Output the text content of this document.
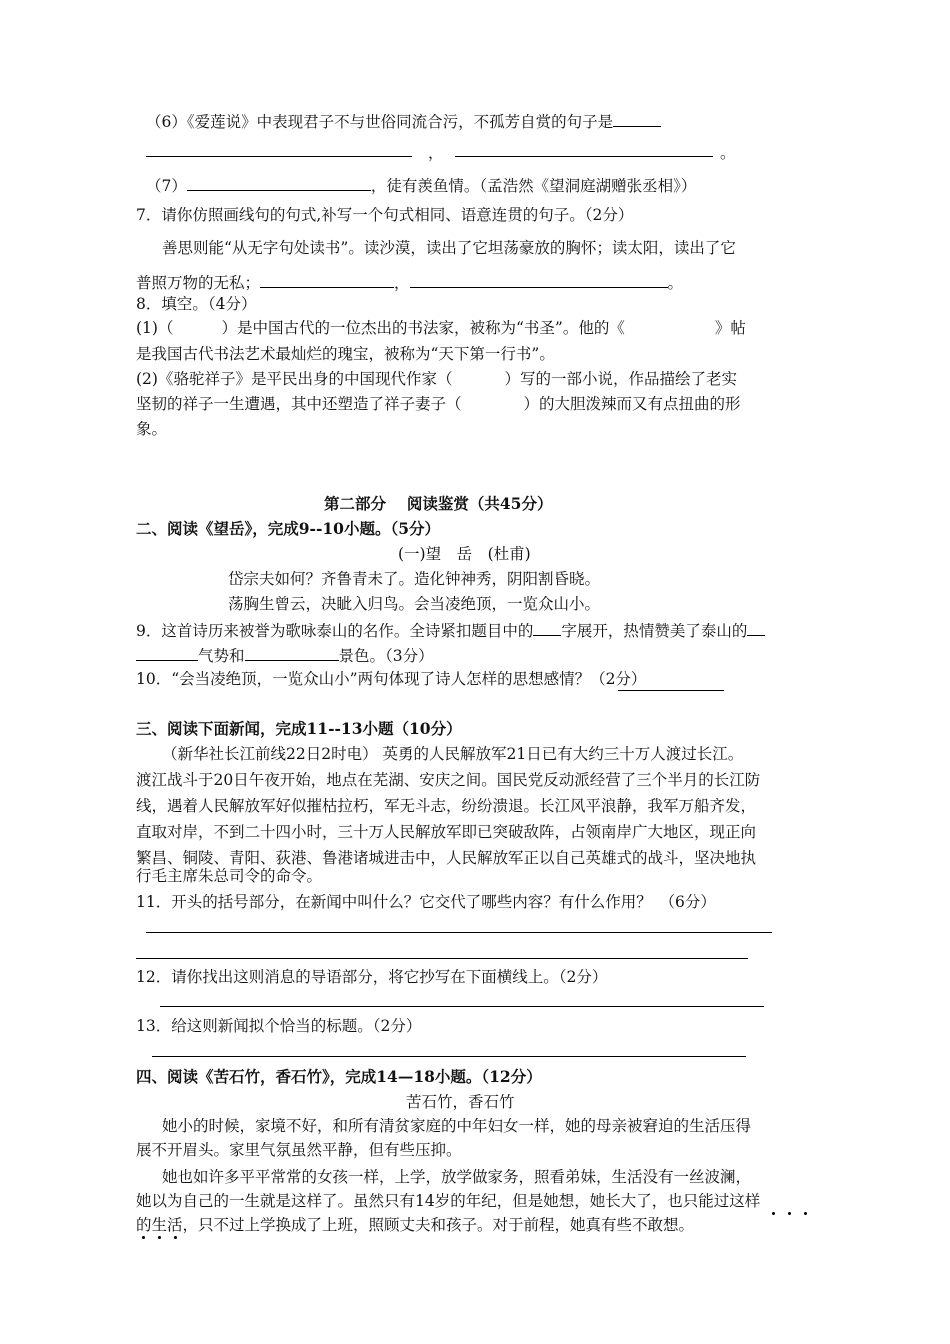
（6）《爱莲说》中表现君子不与世俗同流合污，不孤芳自赏的句子是
，	。
（7）	，徒有羡鱼情。（孟浩然《望洞庭湖赠张丞相》）
7．请你仿照画线句的句式,补写一个句式相同、语意连贯的句子。（2分）
善思则能“从无字句处读书”。读沙漠，读出了它坦荡豪放的胸怀；读太阳，读出了它
普照万物的无私；	，	。
8．填空。（4分）
(1)（	）是中国古代的一位杰出的书法家，被称为“书圣”。他的《	》帖
是我国古代书法艺术最灿烂的瑰宝，被称为“天下第一行书”。
(2)《骆驼祥子》是平民出身的中国现代作家（	）写的一部小说，作品描绘了老实
坚韧的祥子一生遭遇，其中还塑造了祥子妻子（	）的大胆泼辣而又有点扭曲的形
象。
第二部分　 阅读鉴赏（共45分）
二、阅读《望岳》，完成9--10小题。（5分）
(一)望　岳　(杜甫)
岱宗夫如何？齐鲁青未了。造化钟神秀，阴阳割昏晓。
荡胸生曾云，决眦入归鸟。会当凌绝顶，一览众山小。
9．这首诗历来被誉为歌咏泰山的名作。全诗紧扣题目中的 字展开，热情赞美了泰山的
气势和	景色。（3分）
10．“会当凌绝顶，一览众山小”两句体现了诗人怎样的思想感情？（2分）
三、阅读下面新闻，完成11--13小题（10分）
（新华社长江前线22日2时电） 英勇的人民解放军21日已有大约三十万人渡过长江。
渡江战斗于20日午夜开始，地点在芜湖、安庆之间。国民党反动派经营了三个半月的长江防
线，遇着人民解放军好似摧枯拉朽，军无斗志，纷纷溃退。长江风平浪静，我军万船齐发，
直取对岸，不到二十四小时，三十万人民解放军即已突破敌阵，占领南岸广大地区，现正向
繁昌、铜陵、青阳、荻港、鲁港诸城进击中，人民解放军正以自己英雄式的战斗，坚决地执
行毛主席朱总司令的命令。
11．开头的括号部分，在新闻中叫什么？它交代了哪些内容？有什么作用？　（6分）
12．请你找出这则消息的导语部分，将它抄写在下面横线上。（2分）
13．给这则新闻拟个恰当的标题。（2分）
四、阅读《苦石竹，香石竹》，完成14—18小题。（12分）
苦石竹，香石竹
她小的时候，家境不好，和所有清贫家庭的中年妇女一样，她的母亲被窘迫的生活压得
展不开眉头。家里气氛虽然平静，但有些压抑。
她也如许多平平常常的女孩一样，上学，放学做家务，照看弟妹，生活没有一丝波澜，
她以为自己的一生就是这样了。虽然只有14岁的年纪，但是她想，她长大了，也只能过这样
的生活，只不过上学换成了上班，照顾丈夫和孩子。对于前程，她真有些不敢想。
